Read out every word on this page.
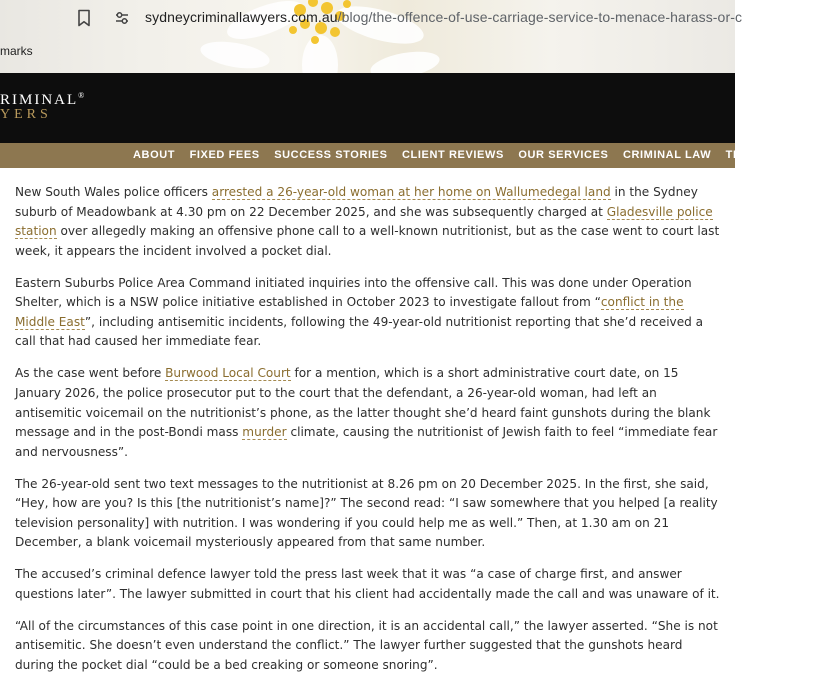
sydneycriminallawyers.com.au/blog/the-offence-of-use-carriage-service-to-menace-harass-or-c
marks
RIMINAL®
YERS
ABOUT FIXED FEES SUCCESS STORIES CLIENT REVIEWS OUR SERVICES CRIMINAL LAW TRAFFIC LAW

New South Wales police officers arrested a 26-year-old woman at her home on Wallumedegal land in the Sydney suburb of Meadowbank at 4.30 pm on 22 December 2025, and she was subsequently charged at Gladesville police station over allegedly making an offensive phone call to a well-known nutritionist, but as the case went to court last week, it appears the incident involved a pocket dial.

Eastern Suburbs Police Area Command initiated inquiries into the offensive call. This was done under Operation Shelter, which is a NSW police initiative established in October 2023 to investigate fallout from “conflict in the Middle East”, including antisemitic incidents, following the 49-year-old nutritionist reporting that she’d received a call that had caused her immediate fear.

As the case went before Burwood Local Court for a mention, which is a short administrative court date, on 15 January 2026, the police prosecutor put to the court that the defendant, a 26-year-old woman, had left an antisemitic voicemail on the nutritionist’s phone, as the latter thought she’d heard faint gunshots during the blank message and in the post-Bondi mass murder climate, causing the nutritionist of Jewish faith to feel “immediate fear and nervousness”.

The 26-year-old sent two text messages to the nutritionist at 8.26 pm on 20 December 2025. In the first, she said, “Hey, how are you? Is this [the nutritionist’s name]?” The second read: “I saw somewhere that you helped [a reality television personality] with nutrition. I was wondering if you could help me as well.” Then, at 1.30 am on 21 December, a blank voicemail mysteriously appeared from that same number.

The accused’s criminal defence lawyer told the press last week that it was “a case of charge first, and answer questions later”. The lawyer submitted in court that his client had accidentally made the call and was unaware of it.

“All of the circumstances of this case point in one direction, it is an accidental call,” the lawyer asserted. “She is not antisemitic. She doesn’t even understand the conflict.” The lawyer further suggested that the gunshots heard during the pocket dial “could be a bed creaking or someone snoring”.
